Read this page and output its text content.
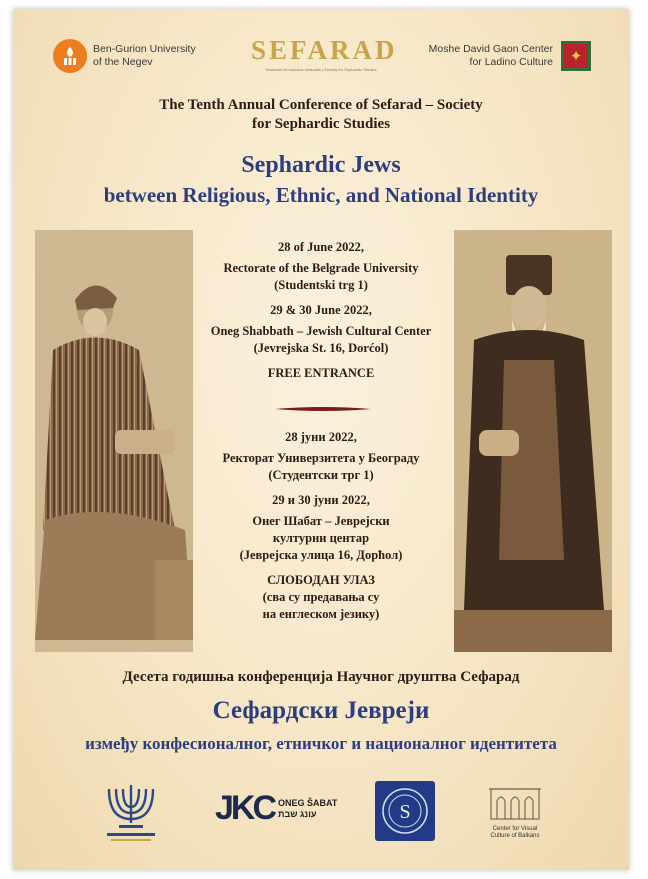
Ben-Gurion University
of the Negev	SEFARAD
Sosiedad de estudios sefaradis | Society for Sephardic Studies
Moshe David Gaon Center
for Ladino Culture	✦
The Tenth Annual Conference of Sefarad – Society
for Sephardic Studies
Sephardic Jews
between Religious, Ethnic, and National Identity
28 of June 2022,
Rectorate of the Belgrade University
(Studentski trg 1)
29 & 30 June 2022,
Oneg Shabbath – Jewish Cultural Center
(Jevrejska St. 16, Dorćol)
FREE ENTRANCE
28 јуни 2022,
Ректорат Универзитета у Београду
(Студентски трг 1)
29 и 30 јуни 2022,
Онег Шабат – Јеврејски
културни центар
(Јеврејска улица 16, Дорћол)
СЛОБОДАН УЛАЗ
(сва су предавања су
на енглеском језику)
Десета годишња конференција Научног друштва Сефарад
Сефардски Јевреји
између конфесионалног, етничког и националног идентитета
JKC ONEG ŠABAT
עונג שבת	S
Center for Visual
Culture of Balkans
